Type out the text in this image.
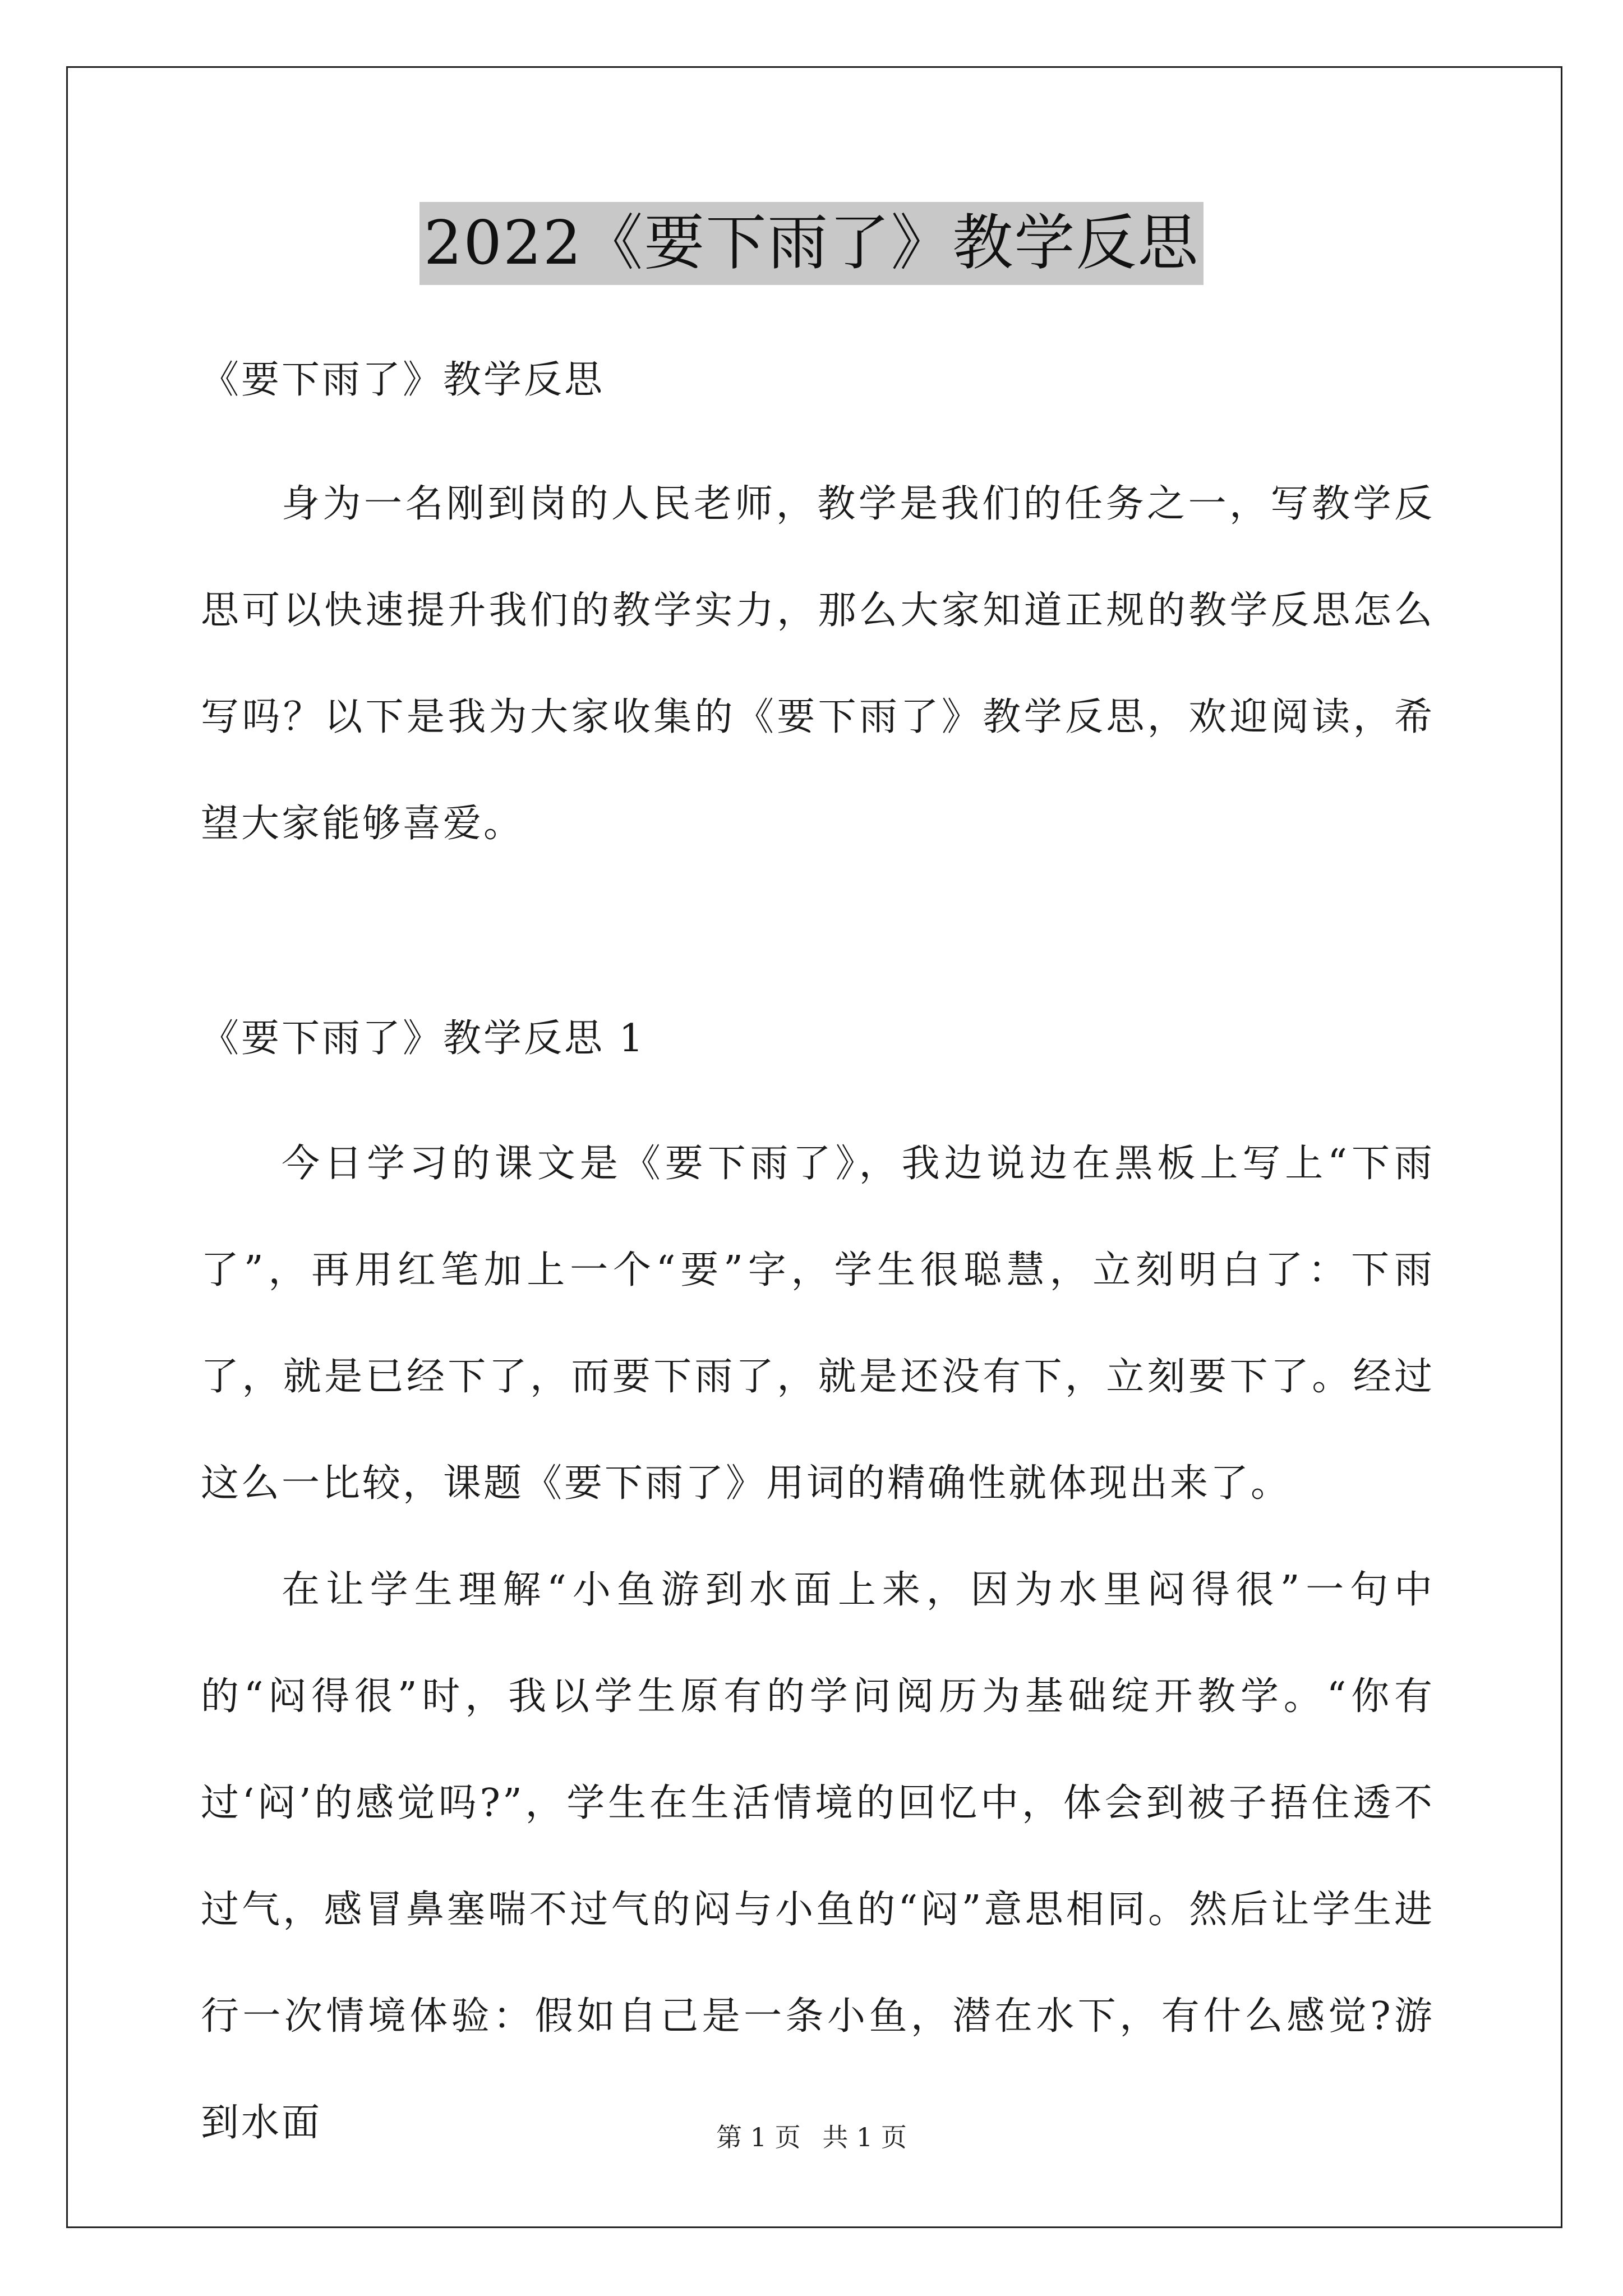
2022《要下雨了》教学反思

《要下雨了》教学反思

身为一名刚到岗的人民老师，教学是我们的任务之一，写教学反思可以快速提升我们的教学实力，那么大家知道正规的教学反思怎么写吗？以下是我为大家收集的《要下雨了》教学反思，欢迎阅读，希望大家能够喜爱。

《要下雨了》教学反思 1

今日学习的课文是《要下雨了》，我边说边在黑板上写上“下雨了”，再用红笔加上一个“要”字，学生很聪慧，立刻明白了：下雨了，就是已经下了，而要下雨了，就是还没有下，立刻要下了。经过这么一比较，课题《要下雨了》用词的精确性就体现出来了。

在让学生理解“小鱼游到水面上来，因为水里闷得很”一句中的“闷得很”时，我以学生原有的学问阅历为基础绽开教学。“你有过‘闷’的感觉吗?”，学生在生活情境的回忆中，体会到被子捂住透不过气，感冒鼻塞喘不过气的闷与小鱼的“闷”意思相同。然后让学生进行一次情境体验：假如自己是一条小鱼，潜在水下，有什么感觉?游到水面	第 1 页 共 1 页
